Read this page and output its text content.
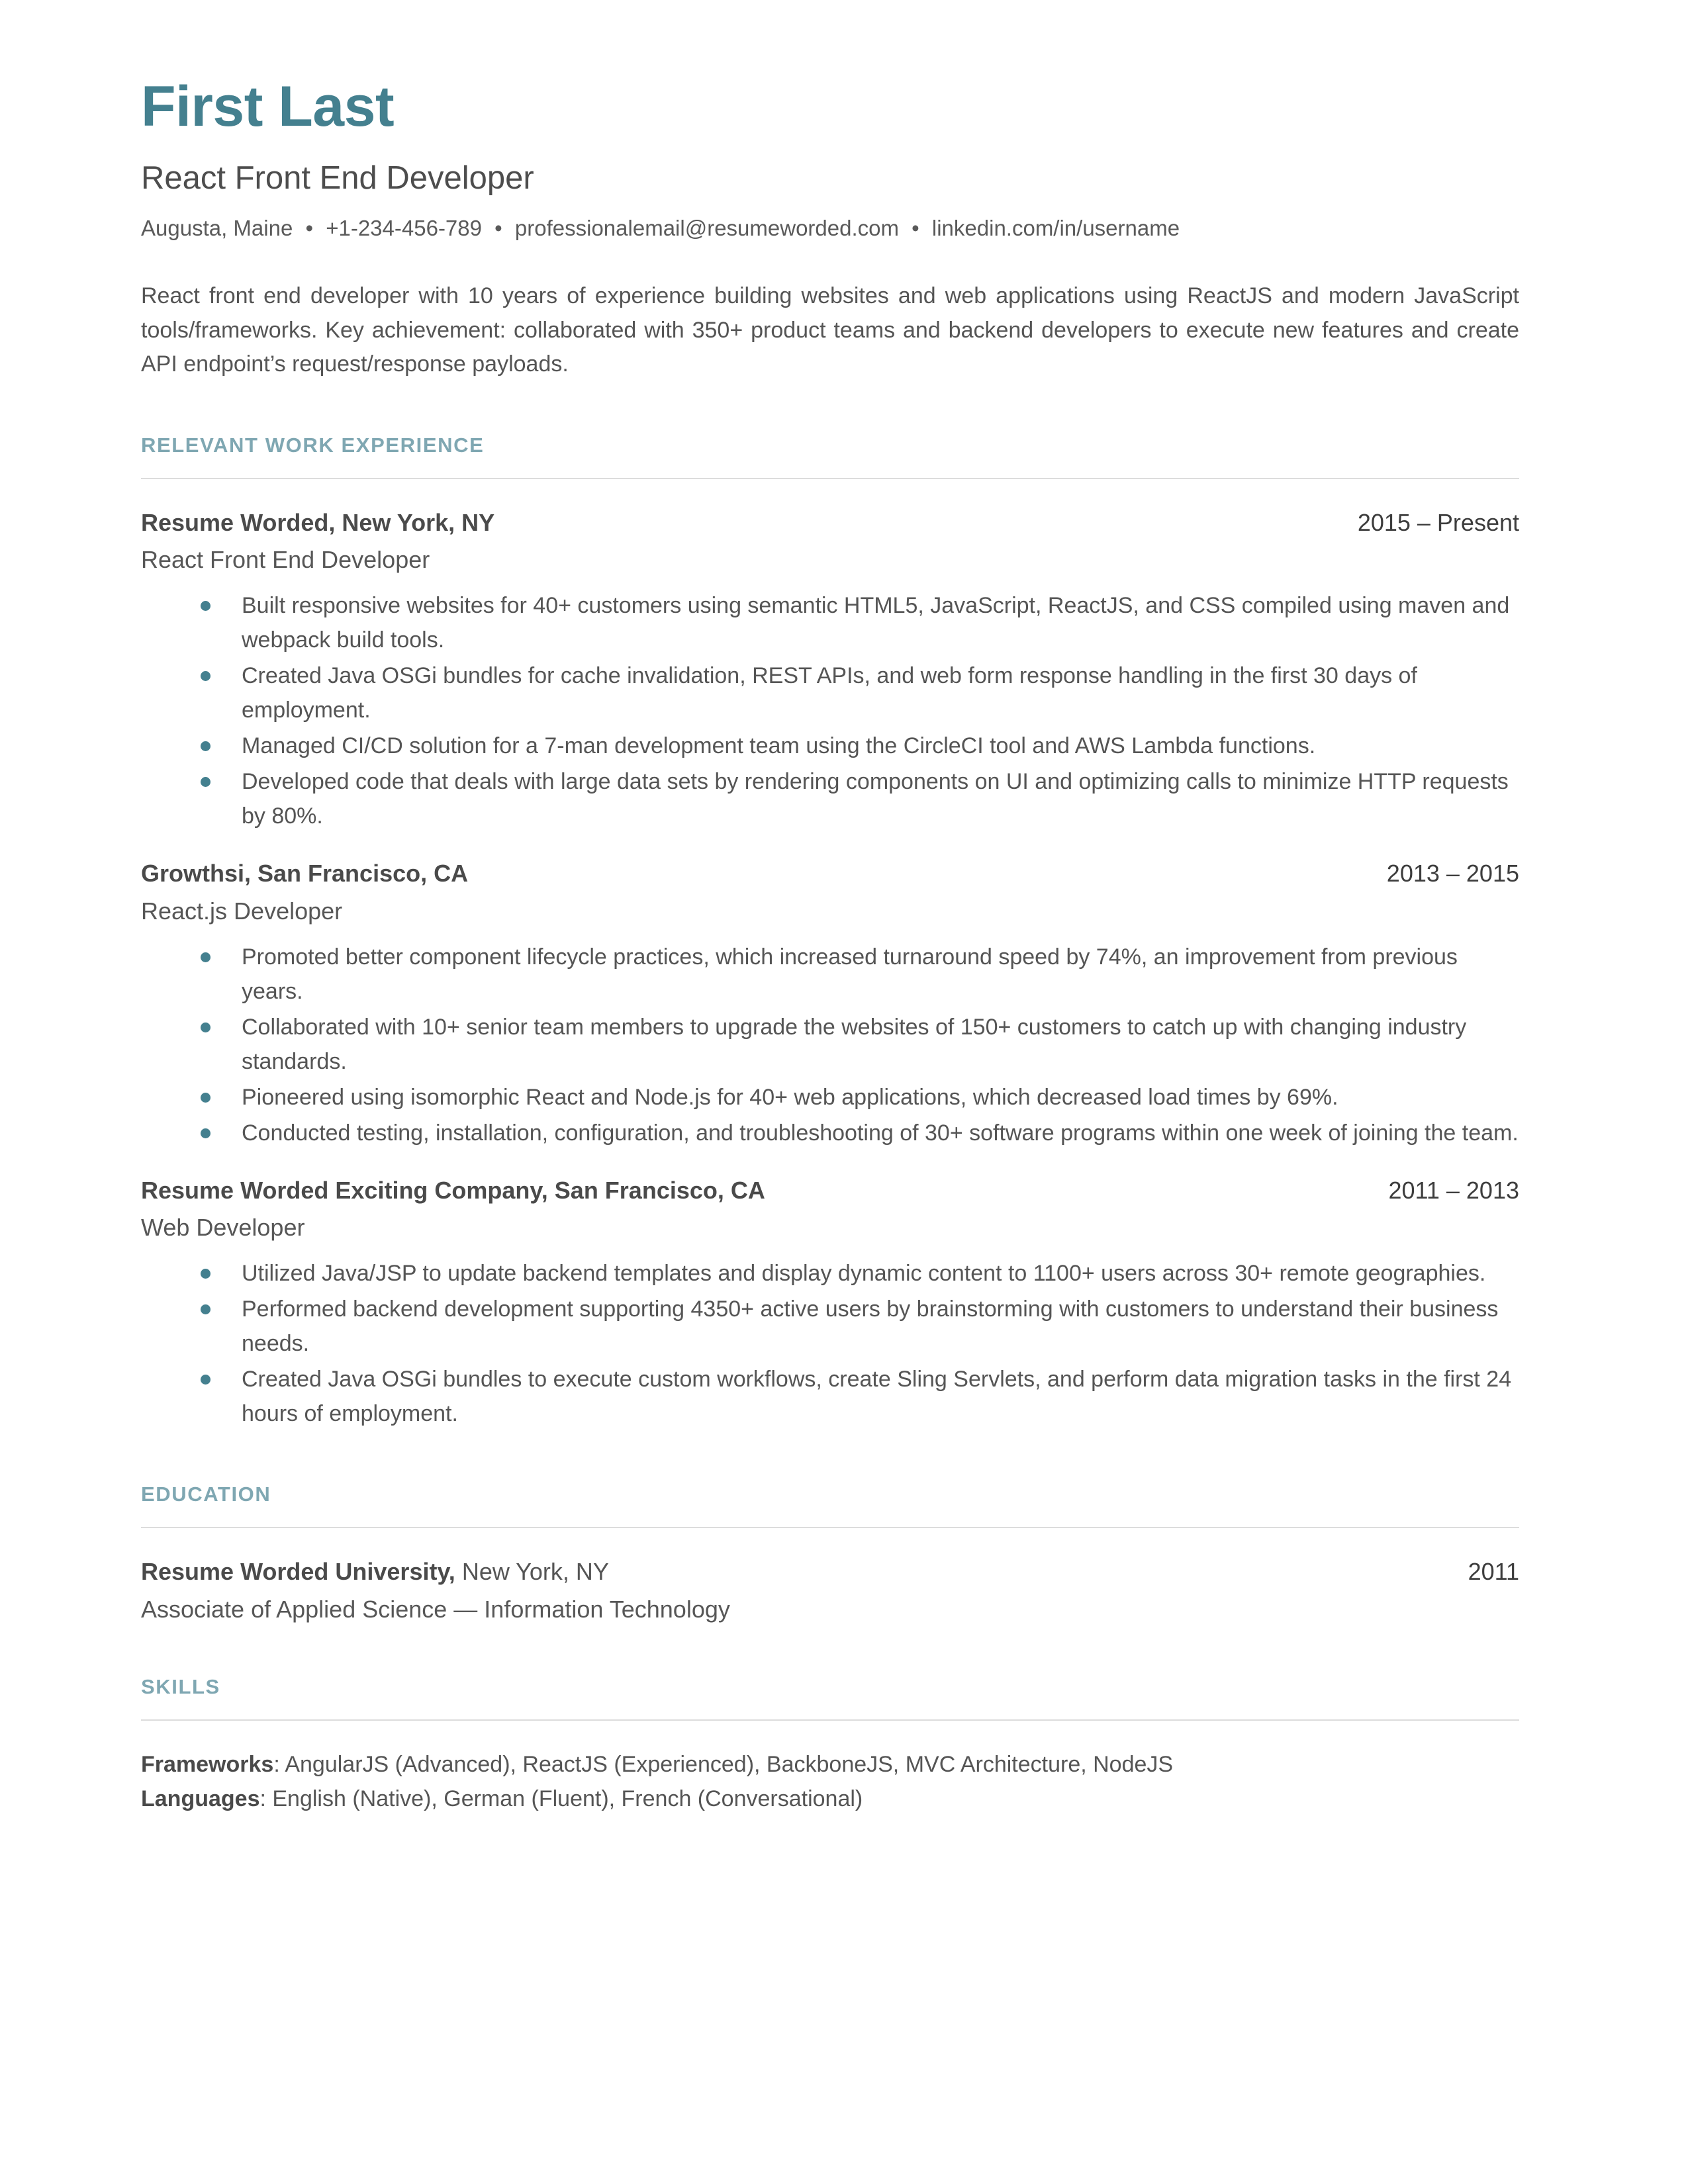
First Last
React Front End Developer
Augusta, Maine • +1-234-456-789 • professionalemail@resumeworded.com • linkedin.com/in/username
React front end developer with 10 years of experience building websites and web applications using ReactJS and modern JavaScript tools/frameworks. Key achievement: collaborated with 350+ product teams and backend developers to execute new features and create API endpoint’s request/response payloads.
RELEVANT WORK EXPERIENCE
Resume Worded, New York, NY	2015 – Present
React Front End Developer
Built responsive websites for 40+ customers using semantic HTML5, JavaScript, ReactJS, and CSS compiled using maven and webpack build tools.
Created Java OSGi bundles for cache invalidation, REST APIs, and web form response handling in the first 30 days of employment.
Managed CI/CD solution for a 7-man development team using the CircleCI tool and AWS Lambda functions.
Developed code that deals with large data sets by rendering components on UI and optimizing calls to minimize HTTP requests by 80%.
Growthsi, San Francisco, CA	2013 – 2015
React.js Developer
Promoted better component lifecycle practices, which increased turnaround speed by 74%, an improvement from previous years.
Collaborated with 10+ senior team members to upgrade the websites of 150+ customers to catch up with changing industry standards.
Pioneered using isomorphic React and Node.js for 40+ web applications, which decreased load times by 69%.
Conducted testing, installation, configuration, and troubleshooting of 30+ software programs within one week of joining the team.
Resume Worded Exciting Company, San Francisco, CA	2011 – 2013
Web Developer
Utilized Java/JSP to update backend templates and display dynamic content to 1100+ users across 30+ remote geographies.
Performed backend development supporting 4350+ active users by brainstorming with customers to understand their business needs.
Created Java OSGi bundles to execute custom workflows, create Sling Servlets, and perform data migration tasks in the first 24 hours of employment.
EDUCATION
Resume Worded University, New York, NY	2011
Associate of Applied Science — Information Technology
SKILLS
Frameworks: AngularJS (Advanced), ReactJS (Experienced), BackboneJS, MVC Architecture, NodeJS
Languages: English (Native), German (Fluent), French (Conversational)
